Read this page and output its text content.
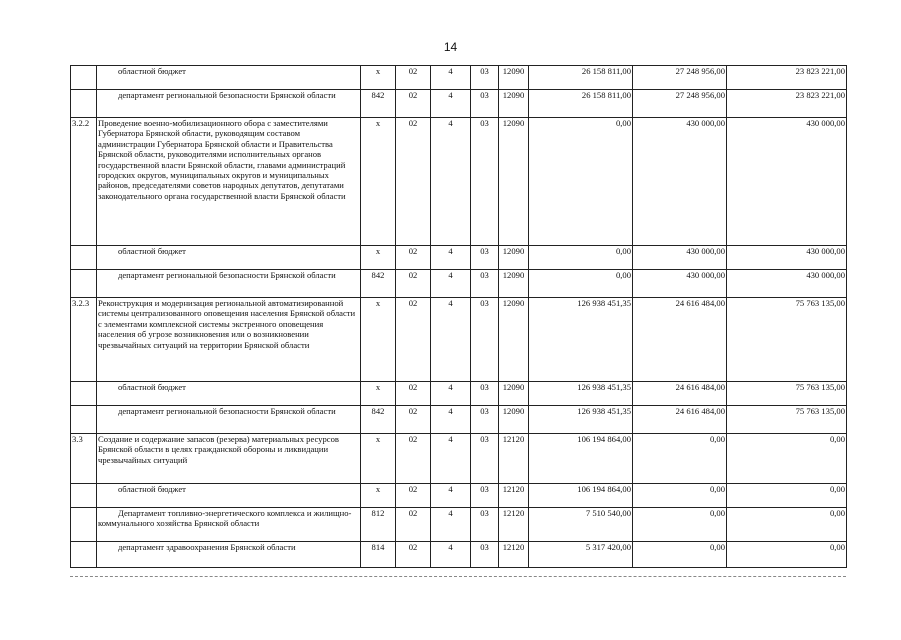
14
	областной бюджет	x	02	4	03	12090	26 158 811,00	27 248 956,00	23 823 221,00
	департамент региональной безопасности Брянской области	842	02	4	03	12090	26 158 811,00	27 248 956,00	23 823 221,00
3.2.2	Проведение военно-мобилизационного обора с заместителями Губернатора Брянской области, руководящим составом администрации Губернатора Брянской области и Правительства Брянской области, руководителями исполнительных органов государственной власти Брянской области, главами администраций городских округов, муниципальных округов и муниципальных районов, председателями советов народных депутатов, депутатами законодательного органа государственной власти Брянской области	x	02	4	03	12090	0,00	430 000,00	430 000,00
	областной бюджет	x	02	4	03	12090	0,00	430 000,00	430 000,00
	департамент региональной безопасности Брянской области	842	02	4	03	12090	0,00	430 000,00	430 000,00
3.2.3	Реконструкция и модернизация региональной автоматизированной системы централизованного оповещения населения Брянской области с элементами комплексной системы экстренного оповещения населения об угрозе возникновения или о возникновении чрезвычайных ситуаций на территории Брянской области	x	02	4	03	12090	126 938 451,35	24 616 484,00	75 763 135,00
	областной бюджет	x	02	4	03	12090	126 938 451,35	24 616 484,00	75 763 135,00
	департамент региональной безопасности Брянской области	842	02	4	03	12090	126 938 451,35	24 616 484,00	75 763 135,00
3.3	Создание и содержание запасов (резерва) материальных ресурсов Брянской области в целях гражданской обороны и ликвидации чрезвычайных ситуаций	x	02	4	03	12120	106 194 864,00	0,00	0,00
	областной бюджет	x	02	4	03	12120	106 194 864,00	0,00	0,00
	Департамент топливно-энергетического комплекса и жилищно-коммунального хозяйства Брянской области	812	02	4	03	12120	7 510 540,00	0,00	0,00
	департамент здравоохранения Брянской области	814	02	4	03	12120	5 317 420,00	0,00	0,00
